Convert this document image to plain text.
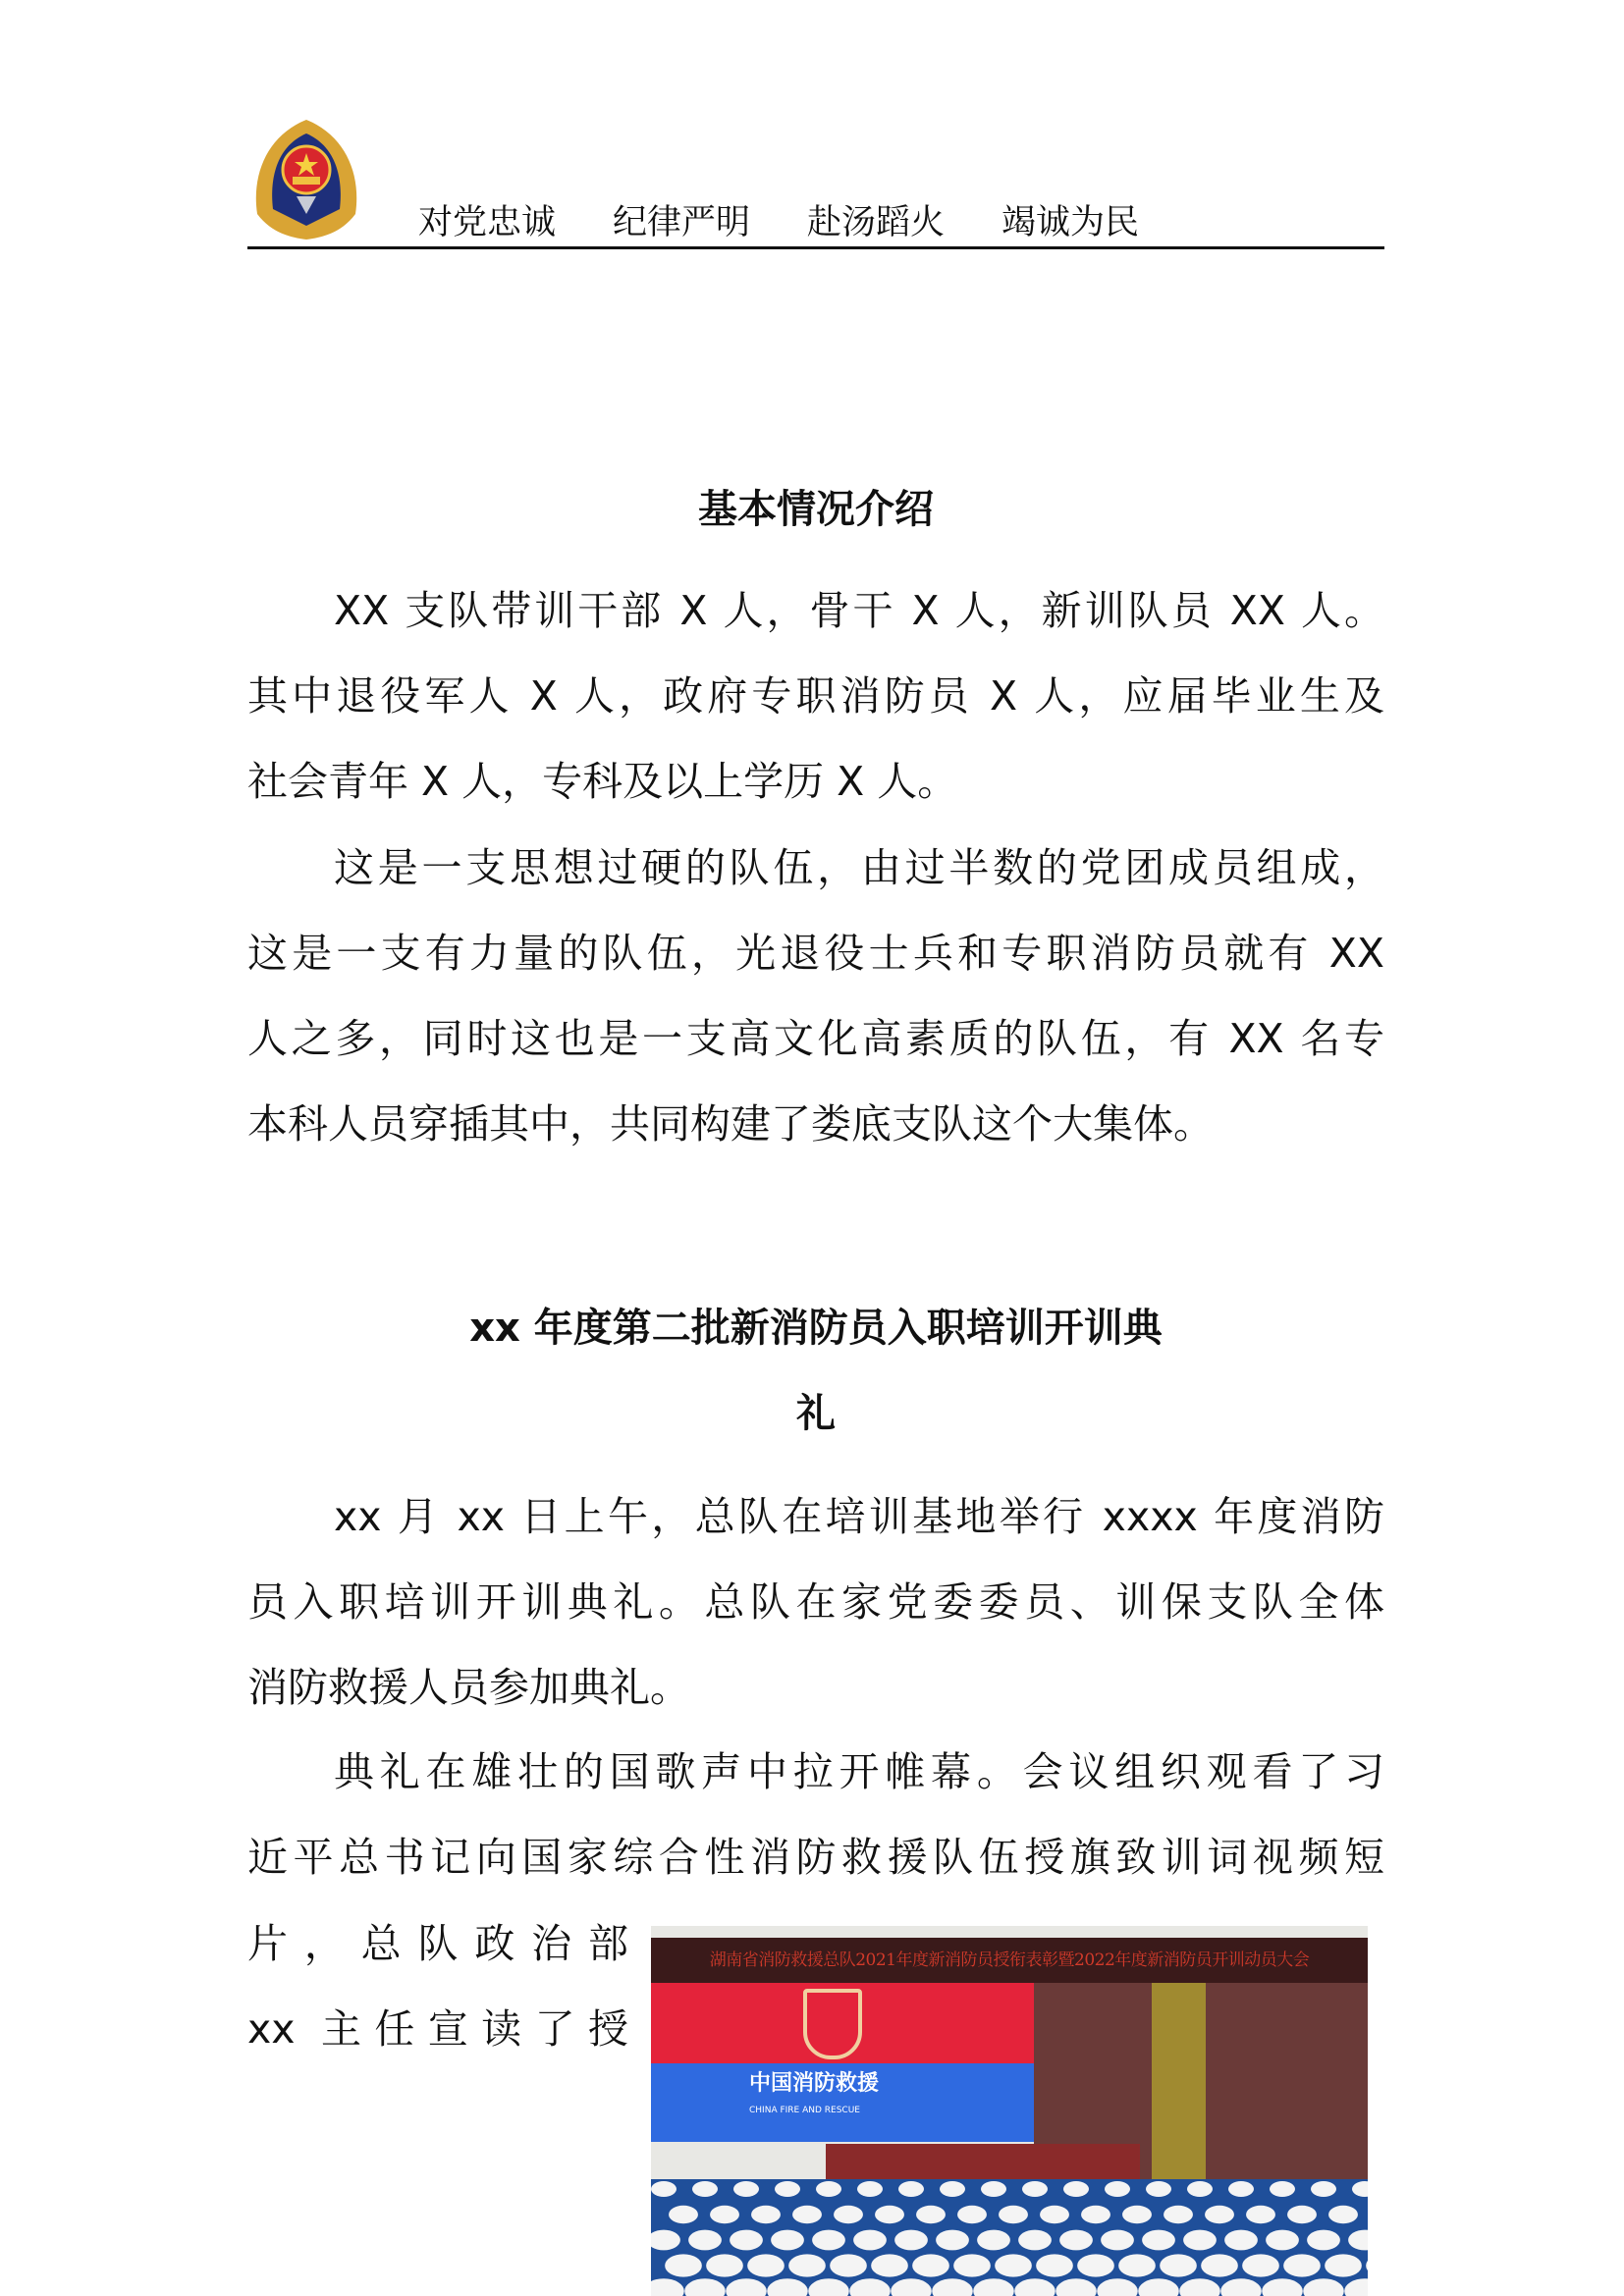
对党忠诚 纪律严明 赴汤蹈火 竭诚为民
基本情况介绍
XX 支队带训干部 X 人，骨干 X 人，新训队员 XX 人。
其中退役军人 X 人，政府专职消防员 X 人，应届毕业生及
社会青年 X 人，专科及以上学历 X 人。
这是一支思想过硬的队伍，由过半数的党团成员组成，
这是一支有力量的队伍，光退役士兵和专职消防员就有 XX
人之多，同时这也是一支高文化高素质的队伍，有 XX 名专
本科人员穿插其中，共同构建了娄底支队这个大集体。
xx 年度第二批新消防员入职培训开训典
礼
xx 月 xx 日上午，总队在培训基地举行 xxxx 年度消防
员入职培训开训典礼。总队在家党委委员、训保支队全体
消防救援人员参加典礼。
典礼在雄壮的国歌声中拉开帷幕。会议组织观看了习
近平总书记向国家综合性消防救援队伍授旗致训词视频短
片，总队政治部
xx 主任宣读了授
湖南省消防救援总队2021年度新消防员授衔表彰暨2022年度新消防员开训动员大会
中国消防救援
CHINA FIRE AND RESCUE
